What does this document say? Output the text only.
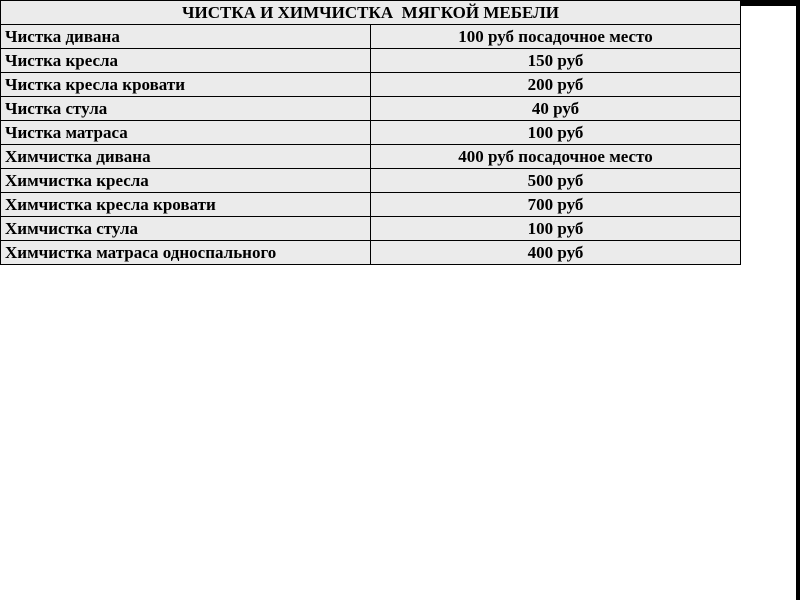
ЧИСТКА И ХИМЧИСТКА  МЯГКОЙ МЕБЕЛИ	
Чистка дивана	100 руб посадочное место
Чистка кресла	150 руб
Чистка кресла кровати	200 руб
Чистка стула	40 руб
Чистка матраса	100 руб
Химчистка дивана	400 руб посадочное место
Химчистка кресла	500 руб
Химчистка кресла кровати	700 руб
Химчистка стула	100 руб
Химчистка матраса односпального	400 руб
